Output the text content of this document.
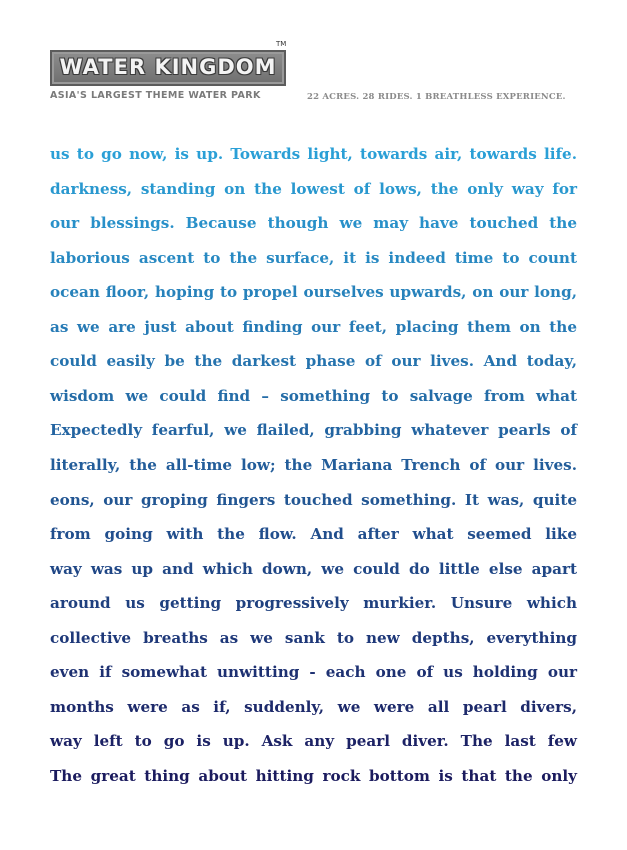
WATER KINGDOM
TM
ASIA'S LARGEST THEME WATER PARK	22 ACRES. 28 RIDES. 1 BREATHLESS EXPERIENCE.
us to go now, is up. Towards light, towards air, towards life.
darkness, standing on the lowest of lows, the only way for
our blessings. Because though we may have touched the
laborious ascent to the surface, it is indeed time to count
ocean floor, hoping to propel ourselves upwards, on our long,
as we are just about finding our feet, placing them on the
could easily be the darkest phase of our lives. And today,
wisdom we could find – something to salvage from what
Expectedly fearful, we flailed, grabbing whatever pearls of
literally, the all-time low; the Mariana Trench of our lives.
eons, our groping fingers touched something. It was, quite
from going with the flow. And after what seemed like
way was up and which down, we could do little else apart
around us getting progressively murkier. Unsure which
collective breaths as we sank to new depths, everything
even if somewhat unwitting - each one of us holding our
months were as if, suddenly, we were all pearl divers,
way left to go is up. Ask any pearl diver. The last few
The great thing about hitting rock bottom is that the only
